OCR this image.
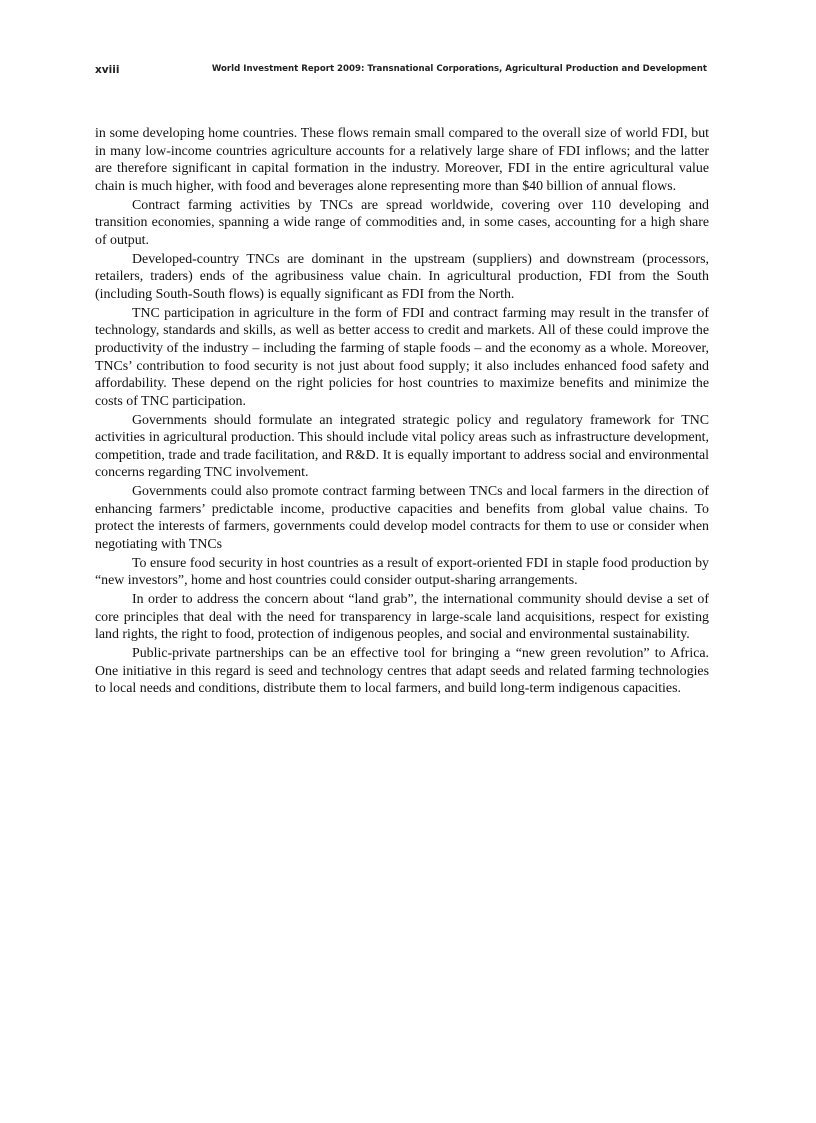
xviii	World Investment Report 2009: Transnational Corporations, Agricultural Production and Development

in some developing home countries. These flows remain small compared to the overall size of world FDI, but in many low-income countries agriculture accounts for a relatively large share of FDI inflows; and the latter are therefore significant in capital formation in the industry. Moreover, FDI in the entire agricultural value chain is much higher, with food and beverages alone representing more than $40 billion of annual flows.

Contract farming activities by TNCs are spread worldwide, covering over 110 developing and transition economies, spanning a wide range of commodities and, in some cases, accounting for a high share of output.

Developed-country TNCs are dominant in the upstream (suppliers) and downstream (processors, retailers, traders) ends of the agribusiness value chain. In agricultural production, FDI from the South (including South-South flows) is equally significant as FDI from the North.

TNC participation in agriculture in the form of FDI and contract farming may result in the transfer of technology, standards and skills, as well as better access to credit and markets. All of these could improve the productivity of the industry – including the farming of staple foods – and the economy as a whole. Moreover, TNCs’ contribution to food security is not just about food supply; it also includes enhanced food safety and affordability. These depend on the right policies for host countries to maximize benefits and minimize the costs of TNC participation.

Governments should formulate an integrated strategic policy and regulatory framework for TNC activities in agricultural production. This should include vital policy areas such as infrastructure development, competition, trade and trade facilitation, and R&D. It is equally important to address social and environmental concerns regarding TNC involvement.

Governments could also promote contract farming between TNCs and local farmers in the direction of enhancing farmers’ predictable income, productive capacities and benefits from global value chains. To protect the interests of farmers, governments could develop model contracts for them to use or consider when negotiating with TNCs

To ensure food security in host countries as a result of export-oriented FDI in staple food production by “new investors”, home and host countries could consider output-sharing arrangements.

In order to address the concern about “land grab”, the international community should devise a set of core principles that deal with the need for transparency in large-scale land acquisitions, respect for existing land rights, the right to food, protection of indigenous peoples, and social and environmental sustainability.

Public-private partnerships can be an effective tool for bringing a “new green revolution” to Africa. One initiative in this regard is seed and technology centres that adapt seeds and related farming technologies to local needs and conditions, distribute them to local farmers, and build long-term indigenous capacities.
